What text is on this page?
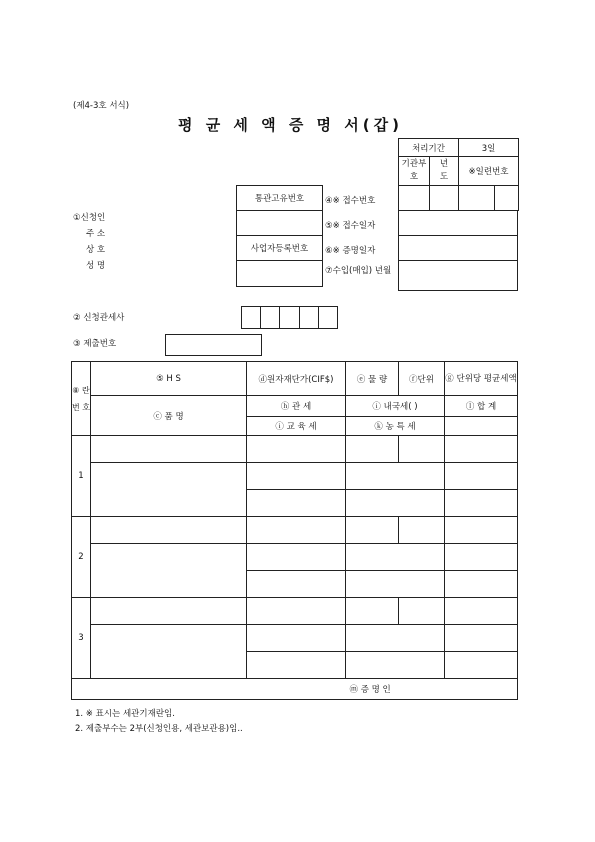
(제4-3호 서식)
평 균 세 액 증 명 서(갑)
처리기간		3일	
기관부호	년도	※일련번호	

①신청인
주 소
상 호
성 명
통관고유번호

사업자등록번호

④※ 접수번호
⑤※ 접수일자
⑥※ 증명일자
⑦수입(매입) 년월

② 신청관세사

③ 제출번호
⑧ 란 번 호	⑤ H S	ⓓ원자재단가(CIF$)	ⓔ 물 량	ⓕ단위	ⓖ 단위당 평균세액
	ⓒ 품 명	ⓗ 관 세	ⓘ 내국세( )		ⓛ 합 계
		ⓘ 교 육 세	ⓚ 농 특 세		
1					

2					

3					

			ⓜ 증 명 인		
1. ※ 표시는 세관기재란임.
2. 제출부수는 2부(신청인용, 세관보관용)임..
